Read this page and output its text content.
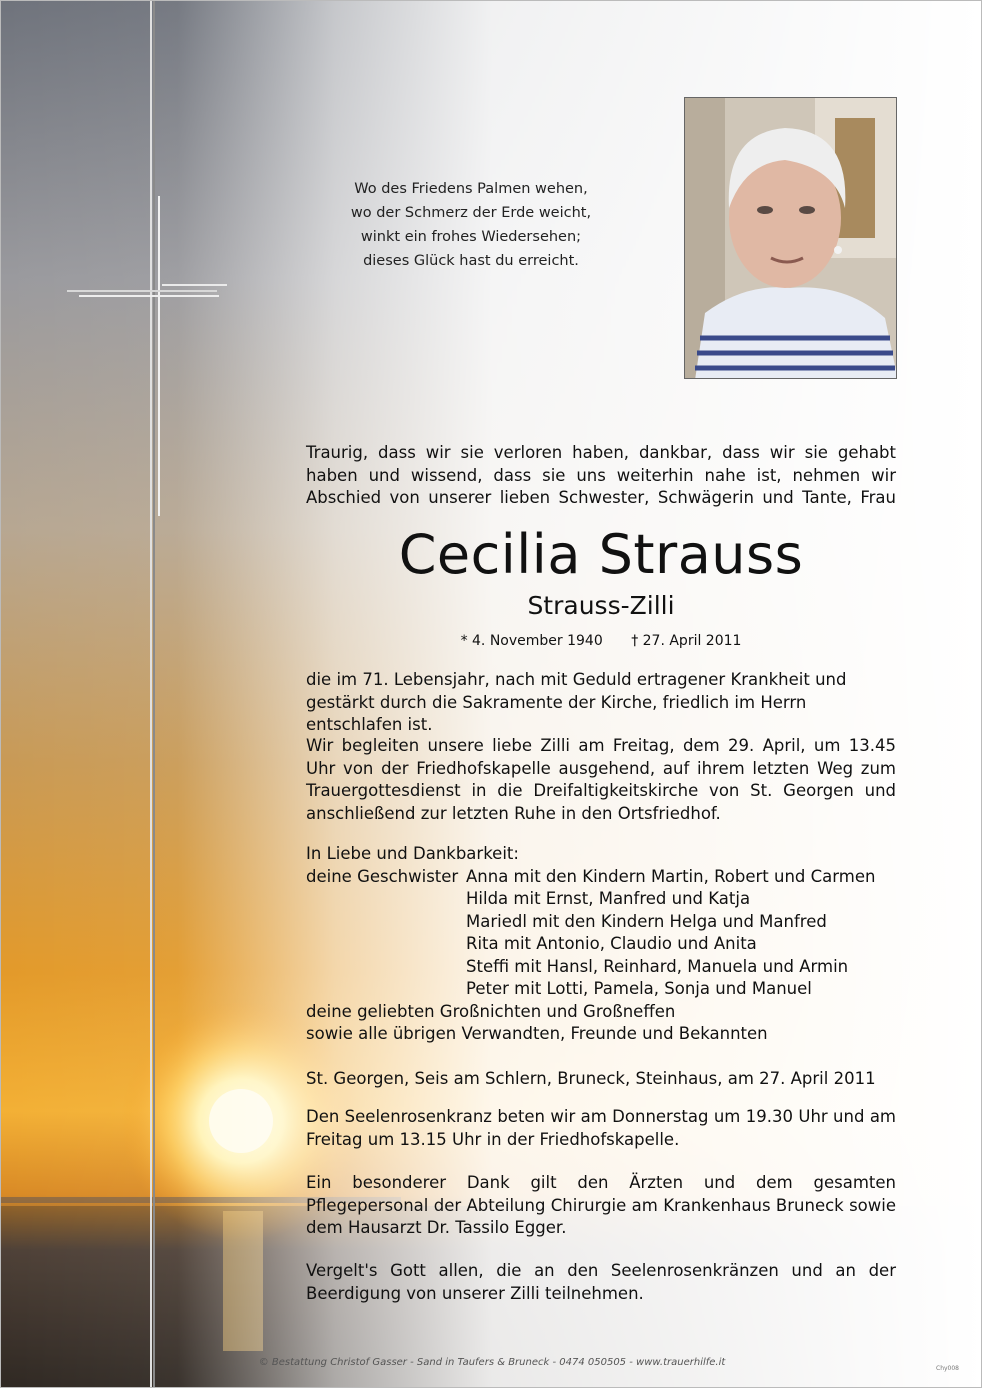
Wo des Friedens Palmen wehen,
wo der Schmerz der Erde weicht,
winkt ein frohes Wiedersehen;
dieses Glück hast du erreicht.
Traurig, dass wir sie verloren haben, dankbar, dass wir sie gehabt haben und wissend, dass sie uns weiterhin nahe ist, nehmen wir Abschied von unserer lieben Schwester, Schwägerin und Tante, Frau
Cecilia Strauss
Strauss-Zilli
* 4. November 1940 † 27. April 2011
die im 71. Lebensjahr, nach mit Geduld ertragener Krankheit und gestärkt durch die Sakramente der Kirche, friedlich im Herrn entschlafen ist.
Wir begleiten unsere liebe Zilli am Freitag, dem 29. April, um 13.45 Uhr von der Friedhofskapelle ausgehend, auf ihrem letzten Weg zum Trauergottesdienst in die Dreifaltigkeitskirche von St. Georgen und anschließend zur letzten Ruhe in den Ortsfriedhof.
In Liebe und Dankbarkeit:
deine Geschwister Anna mit den Kindern Martin, Robert und Carmen
Hilda mit Ernst, Manfred und Katja
Mariedl mit den Kindern Helga und Manfred
Rita mit Antonio, Claudio und Anita
Steffi mit Hansl, Reinhard, Manuela und Armin
Peter mit Lotti, Pamela, Sonja und Manuel
deine geliebten Großnichten und Großneffen
sowie alle übrigen Verwandten, Freunde und Bekannten
St. Georgen, Seis am Schlern, Bruneck, Steinhaus, am 27. April 2011
Den Seelenrosenkranz beten wir am Donnerstag um 19.30 Uhr und am Freitag um 13.15 Uhr in der Friedhofskapelle.
Ein besonderer Dank gilt den Ärzten und dem gesamten Pflegepersonal der Abteilung Chirurgie am Krankenhaus Bruneck sowie dem Hausarzt Dr. Tassilo Egger.
Vergelt's Gott allen, die an den Seelenrosenkränzen und an der Beerdigung von unserer Zilli teilnehmen.
© Bestattung Christof Gasser - Sand in Taufers & Bruneck - 0474 050505 - www.trauerhilfe.it
Chy008
